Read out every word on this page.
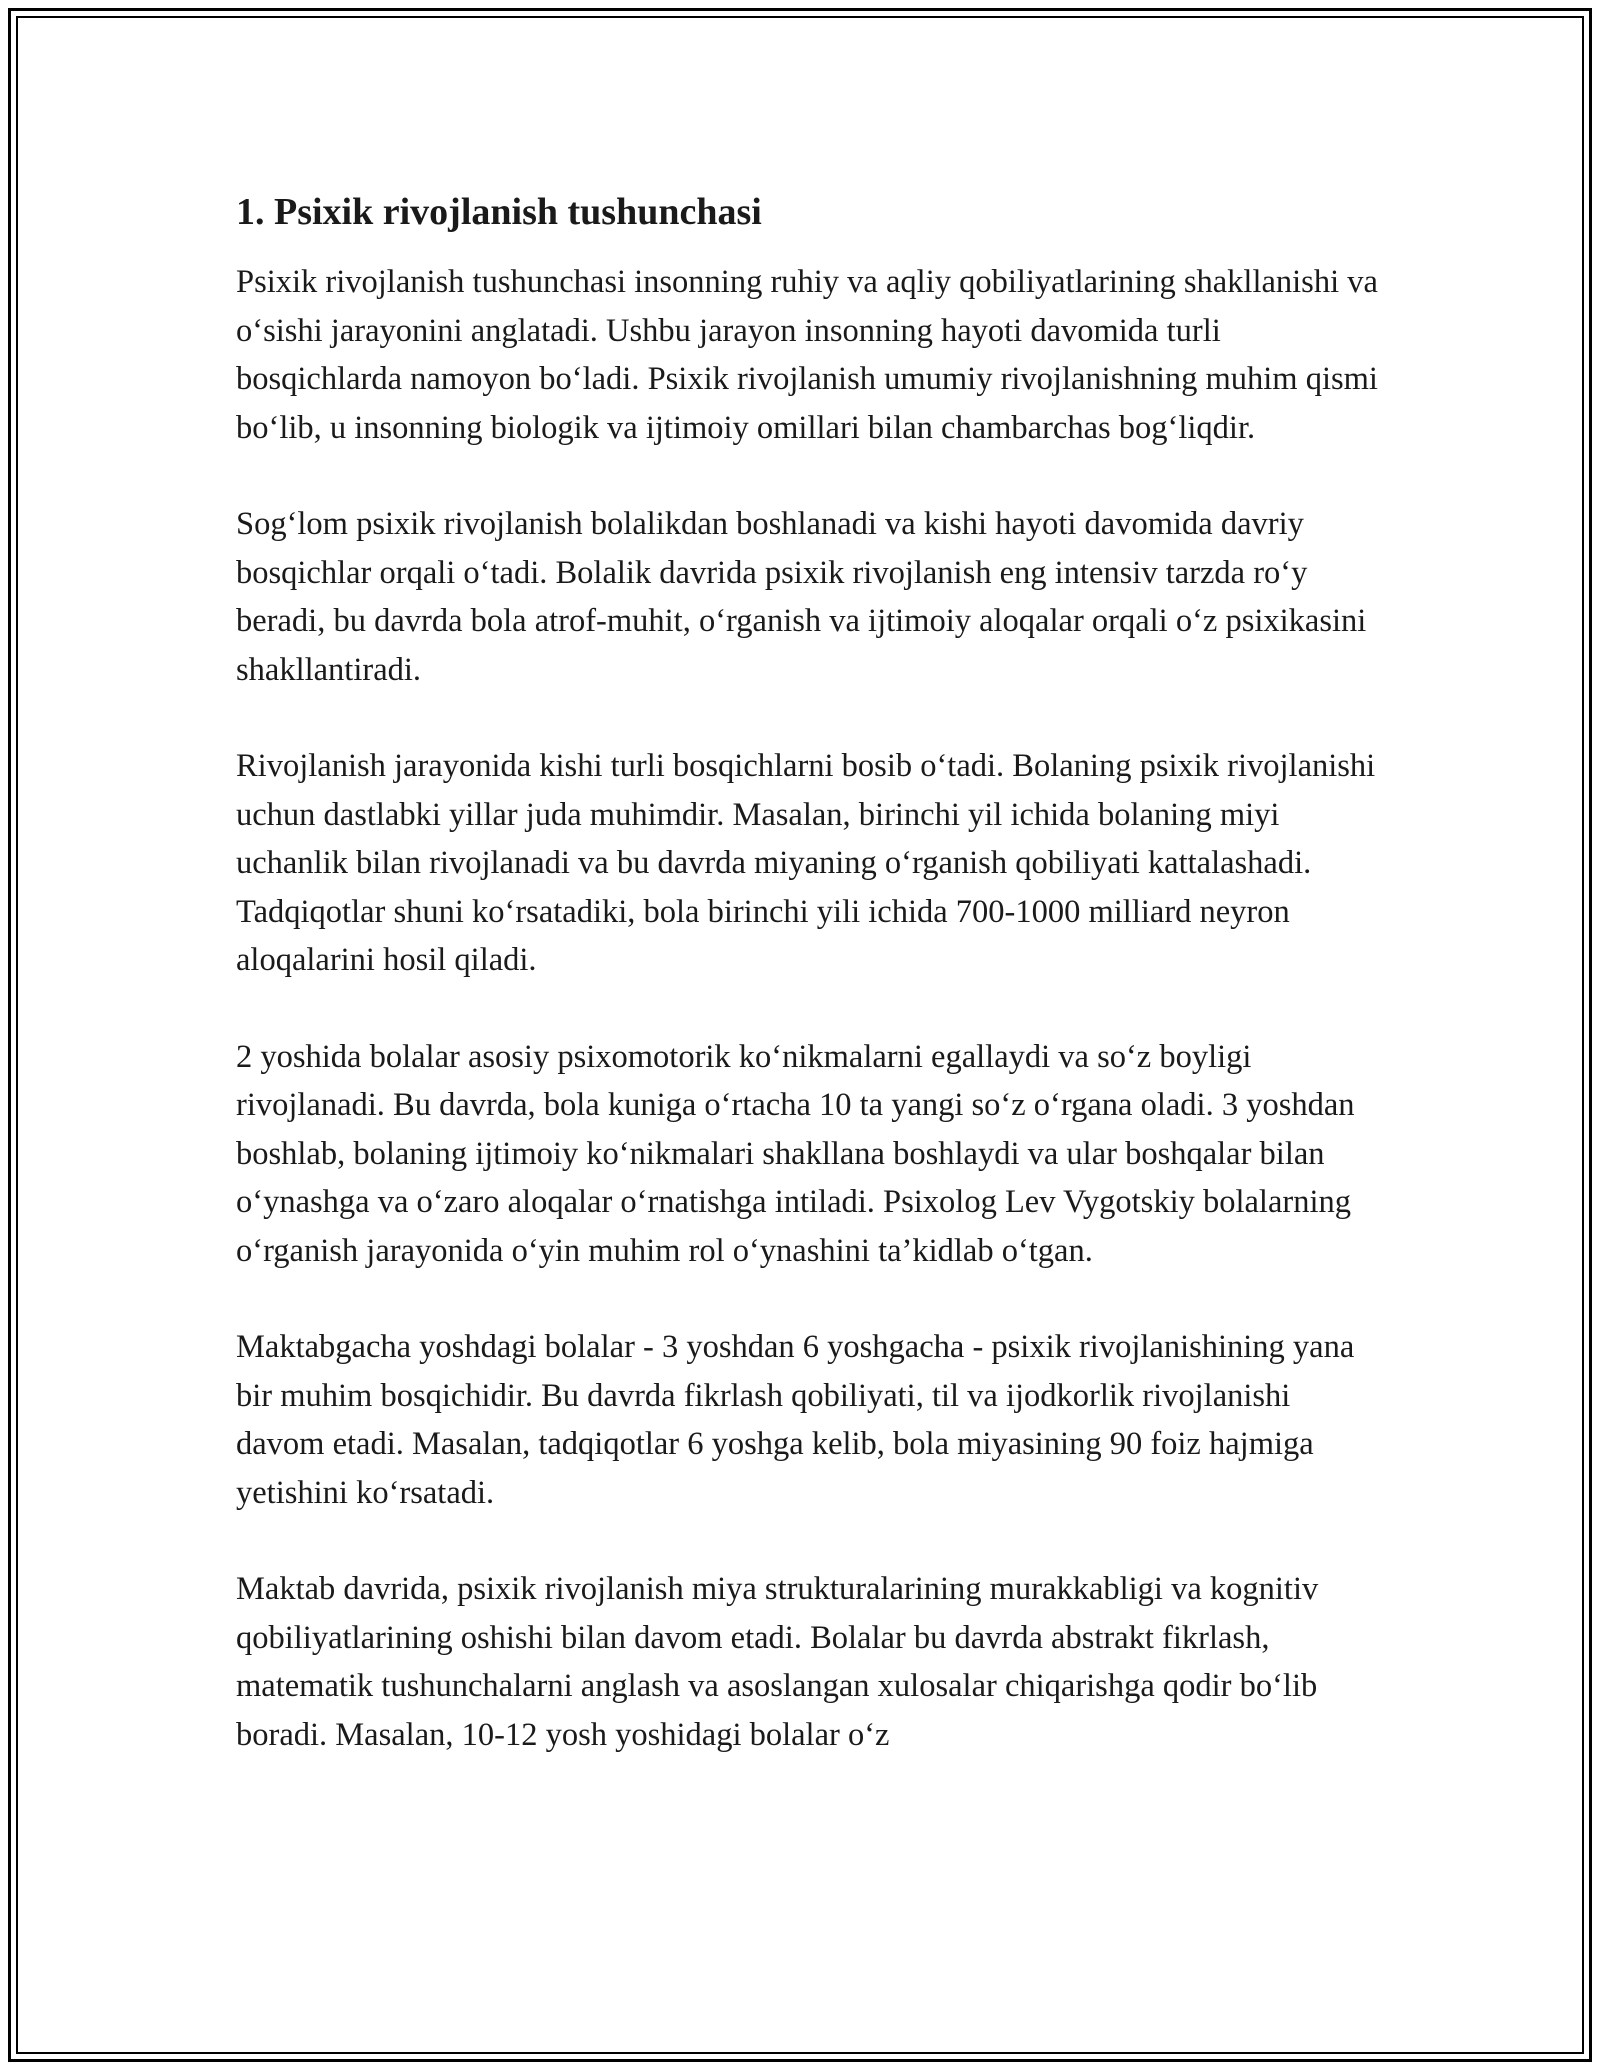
1. Psixik rivojlanish tushunchasi

Psixik rivojlanish tushunchasi insonning ruhiy va aqliy qobiliyatlarining shakllanishi va o‘sishi jarayonini anglatadi. Ushbu jarayon insonning hayoti davomida turli bosqichlarda namoyon bo‘ladi. Psixik rivojlanish umumiy rivojlanishning muhim qismi bo‘lib, u insonning biologik va ijtimoiy omillari bilan chambarchas bog‘liqdir.

Sog‘lom psixik rivojlanish bolalikdan boshlanadi va kishi hayoti davomida davriy bosqichlar orqali o‘tadi. Bolalik davrida psixik rivojlanish eng intensiv tarzda ro‘y beradi, bu davrda bola atrof-muhit, o‘rganish va ijtimoiy aloqalar orqali o‘z psixikasini shakllantiradi.

Rivojlanish jarayonida kishi turli bosqichlarni bosib o‘tadi. Bolaning psixik rivojlanishi uchun dastlabki yillar juda muhimdir. Masalan, birinchi yil ichida bolaning miyi uchanlik bilan rivojlanadi va bu davrda miyaning o‘rganish qobiliyati kattalashadi. Tadqiqotlar shuni ko‘rsatadiki, bola birinchi yili ichida 700-1000 milliard neyron aloqalarini hosil qiladi.

2 yoshida bolalar asosiy psixomotorik ko‘nikmalarni egallaydi va so‘z boyligi rivojlanadi. Bu davrda, bola kuniga o‘rtacha 10 ta yangi so‘z o‘rgana oladi. 3 yoshdan boshlab, bolaning ijtimoiy ko‘nikmalari shakllana boshlaydi va ular boshqalar bilan o‘ynashga va o‘zaro aloqalar o‘rnatishga intiladi. Psixolog Lev Vygotskiy bolalarning o‘rganish jarayonida o‘yin muhim rol o‘ynashini ta’kidlab o‘tgan.

Maktabgacha yoshdagi bolalar - 3 yoshdan 6 yoshgacha - psixik rivojlanishining yana bir muhim bosqichidir. Bu davrda fikrlash qobiliyati, til va ijodkorlik rivojlanishi davom etadi. Masalan, tadqiqotlar 6 yoshga kelib, bola miyasining 90 foiz hajmiga yetishini ko‘rsatadi.

Maktab davrida, psixik rivojlanish miya strukturalarining murakkabligi va kognitiv qobiliyatlarining oshishi bilan davom etadi. Bolalar bu davrda abstrakt fikrlash, matematik tushunchalarni anglash va asoslangan xulosalar chiqarishga qodir bo‘lib boradi. Masalan, 10-12 yosh yoshidagi bolalar o‘z
